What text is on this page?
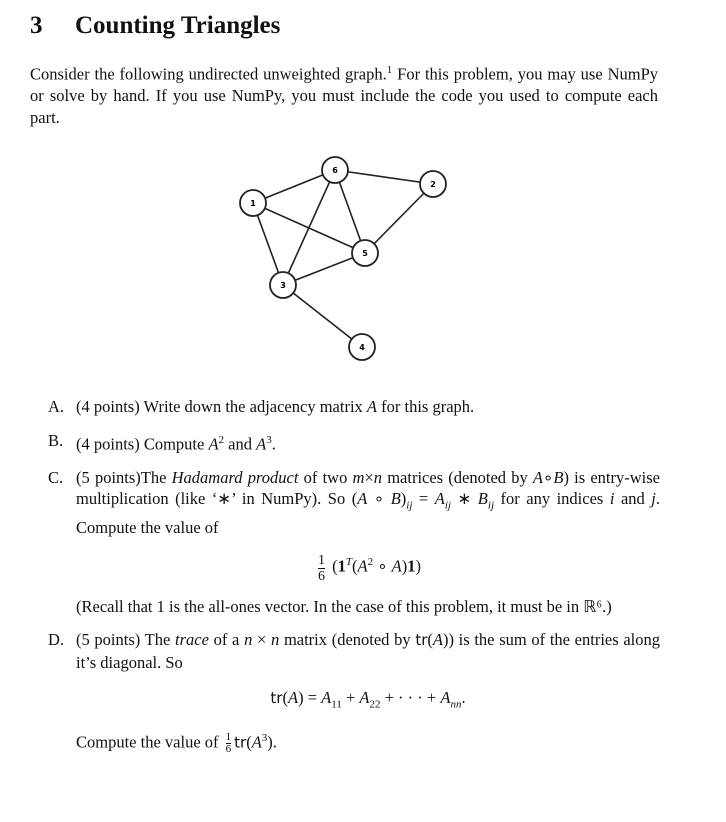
3 Counting Triangles
Consider the following undirected unweighted graph.$^1$ For this problem, you may use NumPy or solve by hand. If you use NumPy, you must include the code you used to compute each part.
1
6
2
5
3
4
A. (4 points) Write down the adjacency matrix A for this graph.
B. (4 points) Compute $A^2$ and $A^3$.
C. (5 points)The Hadamard product of two m×n matrices (denoted by A∘B) is entry-wise multiplication (like ‘∗’ in NumPy). So (A ∘ $B)_{ij} = A_{ij}$ ∗ $B_{ij}$ for any indices i and j. Compute the value of
$\frac{1}{6} (1^T(A^2$ ∘ A)1)
(Recall that 1 is the all-ones vector. In the case of this problem, it must be in ℝ⁶.)
D. (5 points) The trace of a n × n matrix (denoted by tr(A)) is the sum of the entries along it’s diagonal. So
$tr(A) = A_{11} + A_{22}$ + · · · + $A_{nn}$.
Compute the value of $\frac{1}{6} tr(A^3)$.
